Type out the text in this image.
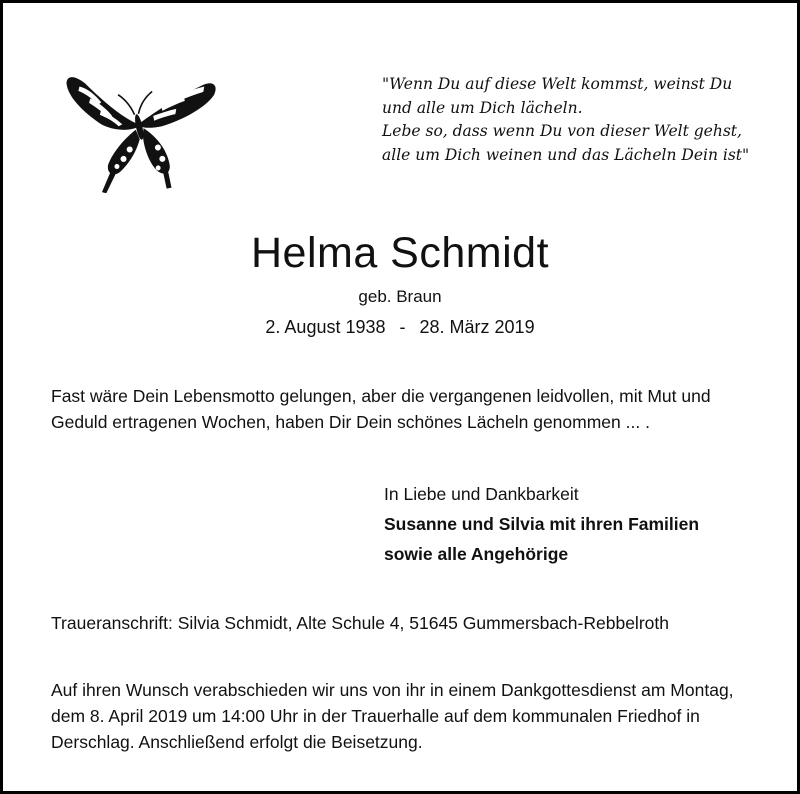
"Wenn Du auf diese Welt kommst, weinst Du
und alle um Dich lächeln.
Lebe so, dass wenn Du von dieser Welt gehst,
alle um Dich weinen und das Lächeln Dein ist"
Helma Schmidt
geb. Braun
2. August 1938 - 28. März 2019
Fast wäre Dein Lebensmotto gelungen, aber die vergangenen leidvollen, mit Mut und
Geduld ertragenen Wochen, haben Dir Dein schönes Lächeln genommen ... .
In Liebe und Dankbarkeit
Susanne und Silvia mit ihren Familien
sowie alle Angehörige
Traueranschrift: Silvia Schmidt, Alte Schule 4, 51645 Gummersbach-Rebbelroth
Auf ihren Wunsch verabschieden wir uns von ihr in einem Dankgottesdienst am Montag,
dem 8. April 2019 um 14:00 Uhr in der Trauerhalle auf dem kommunalen Friedhof in
Derschlag. Anschließend erfolgt die Beisetzung.
